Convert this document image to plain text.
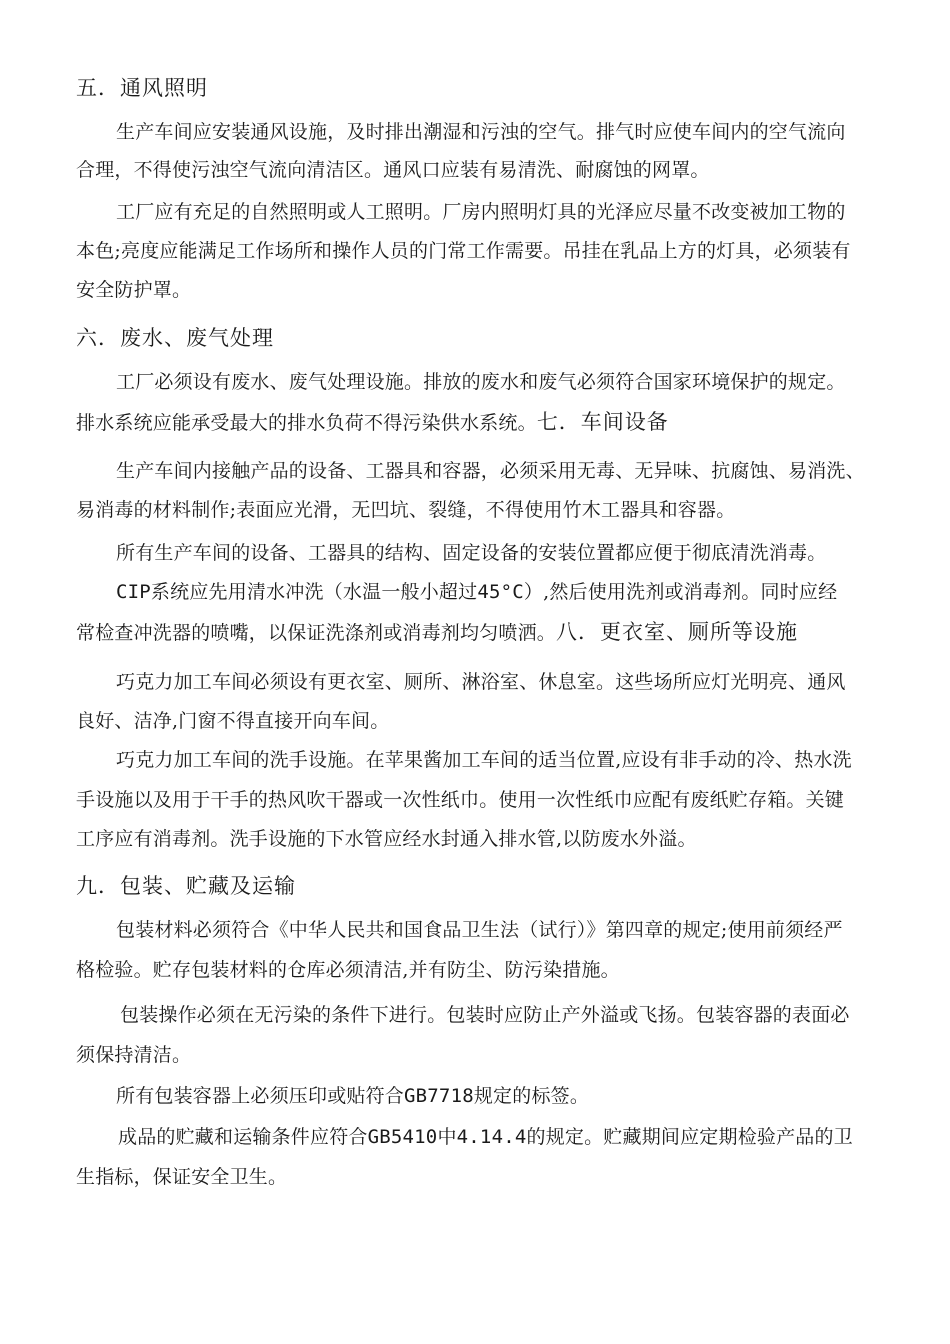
五．通风照明
生产车间应安装通风设施，及时排出潮湿和污浊的空气。排气时应使车间内的空气流向
合理，不得使污浊空气流向清洁区。通风口应装有易清洗、耐腐蚀的网罩。
工厂应有充足的自然照明或人工照明。厂房内照明灯具的光泽应尽量不改变被加工物的
本色;亮度应能满足工作场所和操作人员的门常工作需要。吊挂在乳品上方的灯具，必须装有
安全防护罩。
六．废水、废气处理
工厂必须设有废水、废气处理设施。排放的废水和废气必须符合国家环境保护的规定。
排水系统应能承受最大的排水负荷不得污染供水系统。七．车间设备
生产车间内接触产品的设备、工器具和容器，必须采用无毒、无异味、抗腐蚀、易消洗、
易消毒的材料制作;表面应光滑，无凹坑、裂缝，不得使用竹木工器具和容器。
所有生产车间的设备、工器具的结构、固定设备的安装位置都应便于彻底清洗消毒。
CIP系统应先用清水冲洗（水温一般小超过45°C）,然后使用洗剂或消毒剂。同时应经
常检查冲洗器的喷嘴，以保证洗涤剂或消毒剂均匀喷洒。八．更衣室、厕所等设施
巧克力加工车间必须设有更衣室、厕所、淋浴室、休息室。这些场所应灯光明亮、通风
良好、洁净,门窗不得直接开向车间。
巧克力加工车间的洗手设施。在苹果酱加工车间的适当位置,应设有非手动的冷、热水洗
手设施以及用于干手的热风吹干器或一次性纸巾。使用一次性纸巾应配有废纸贮存箱。关键
工序应有消毒剂。洗手设施的下水管应经水封通入排水管,以防废水外溢。
九．包装、贮藏及运输
包装材料必须符合《中华人民共和国食品卫生法（试行）》第四章的规定;使用前须经严
格检验。贮存包装材料的仓库必须清洁,并有防尘、防污染措施。
包装操作必须在无污染的条件下进行。包装时应防止产外溢或飞扬。包装容器的表面必
须保持清洁。
所有包装容器上必须压印或贴符合GB7718规定的标签。
成品的贮藏和运输条件应符合GB5410中4.14.4的规定。贮藏期间应定期检验产品的卫
生指标，保证安全卫生。
